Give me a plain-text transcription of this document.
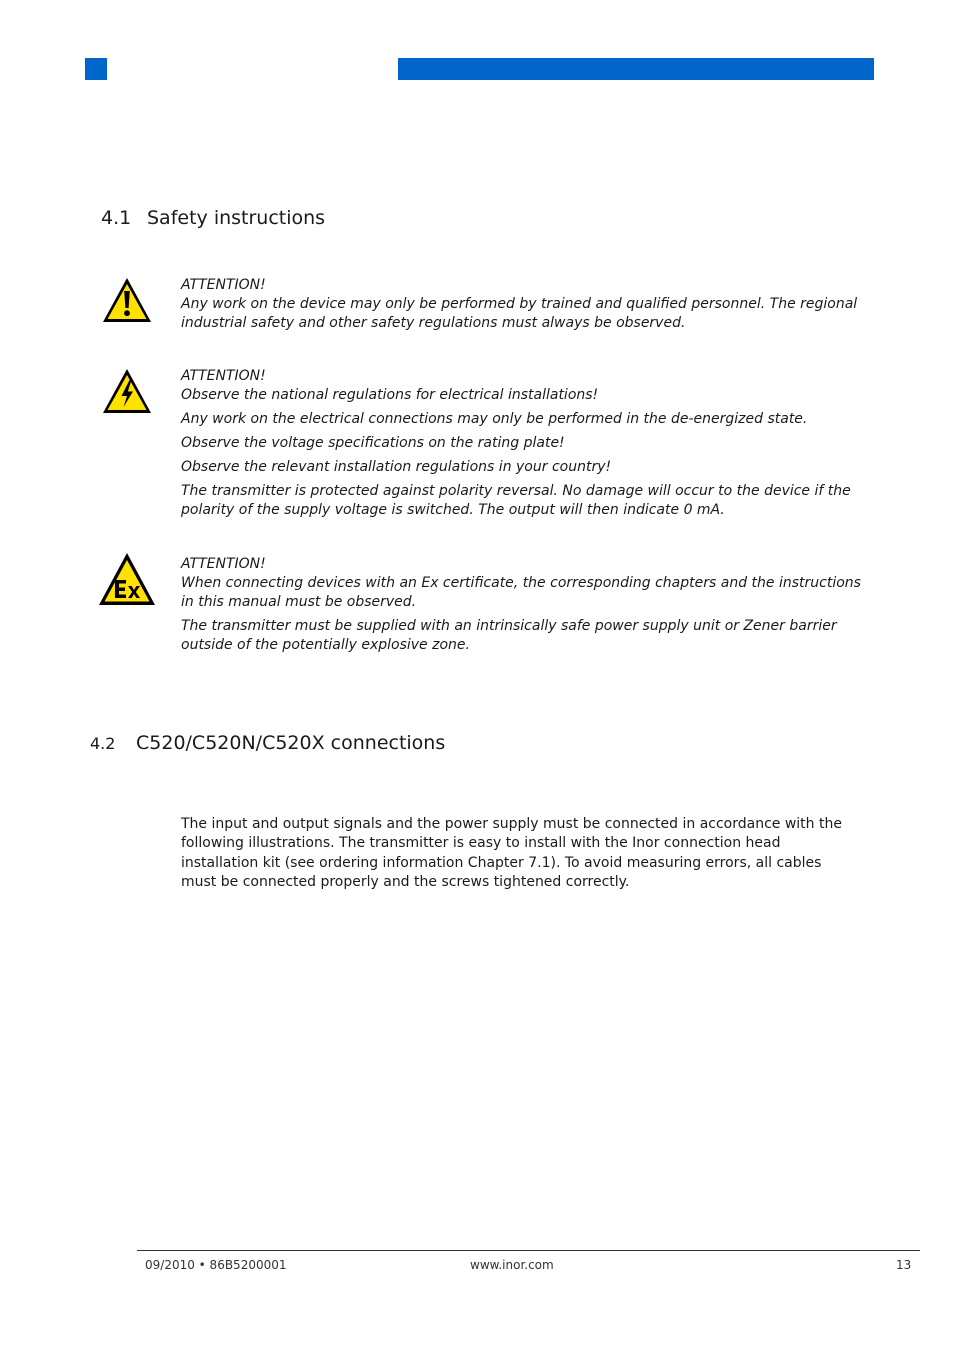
4.1 Safety instructions

ATTENTION!

Any work on the device may only be performed by trained and qualified personnel. The regional industrial safety and other safety regulations must always be observed.

ATTENTION!

Observe the national regulations for electrical installations!

Any work on the electrical connections may only be performed in the de-energized state.

Observe the voltage specifications on the rating plate!

Observe the relevant installation regulations in your country!

The transmitter is protected against polarity reversal. No damage will occur to the device if the polarity of the supply voltage is switched. The output will then indicate 0 mA.

ATTENTION!

When connecting devices with an Ex certificate, the corresponding chapters and the instructions in this manual must be observed.

The transmitter must be supplied with an intrinsically safe power supply unit or Zener barrier outside of the potentially explosive zone.

4.2 C520/C520N/C520X connections

The input and output signals and the power supply must be connected in accordance with the following illustrations. The transmitter is easy to install with the Inor connection head installation kit (see ordering information Chapter 7.1). To avoid measuring errors, all cables must be connected properly and the screws tightened correctly.

09/2010 • 86B5200001	www.inor.com	13
